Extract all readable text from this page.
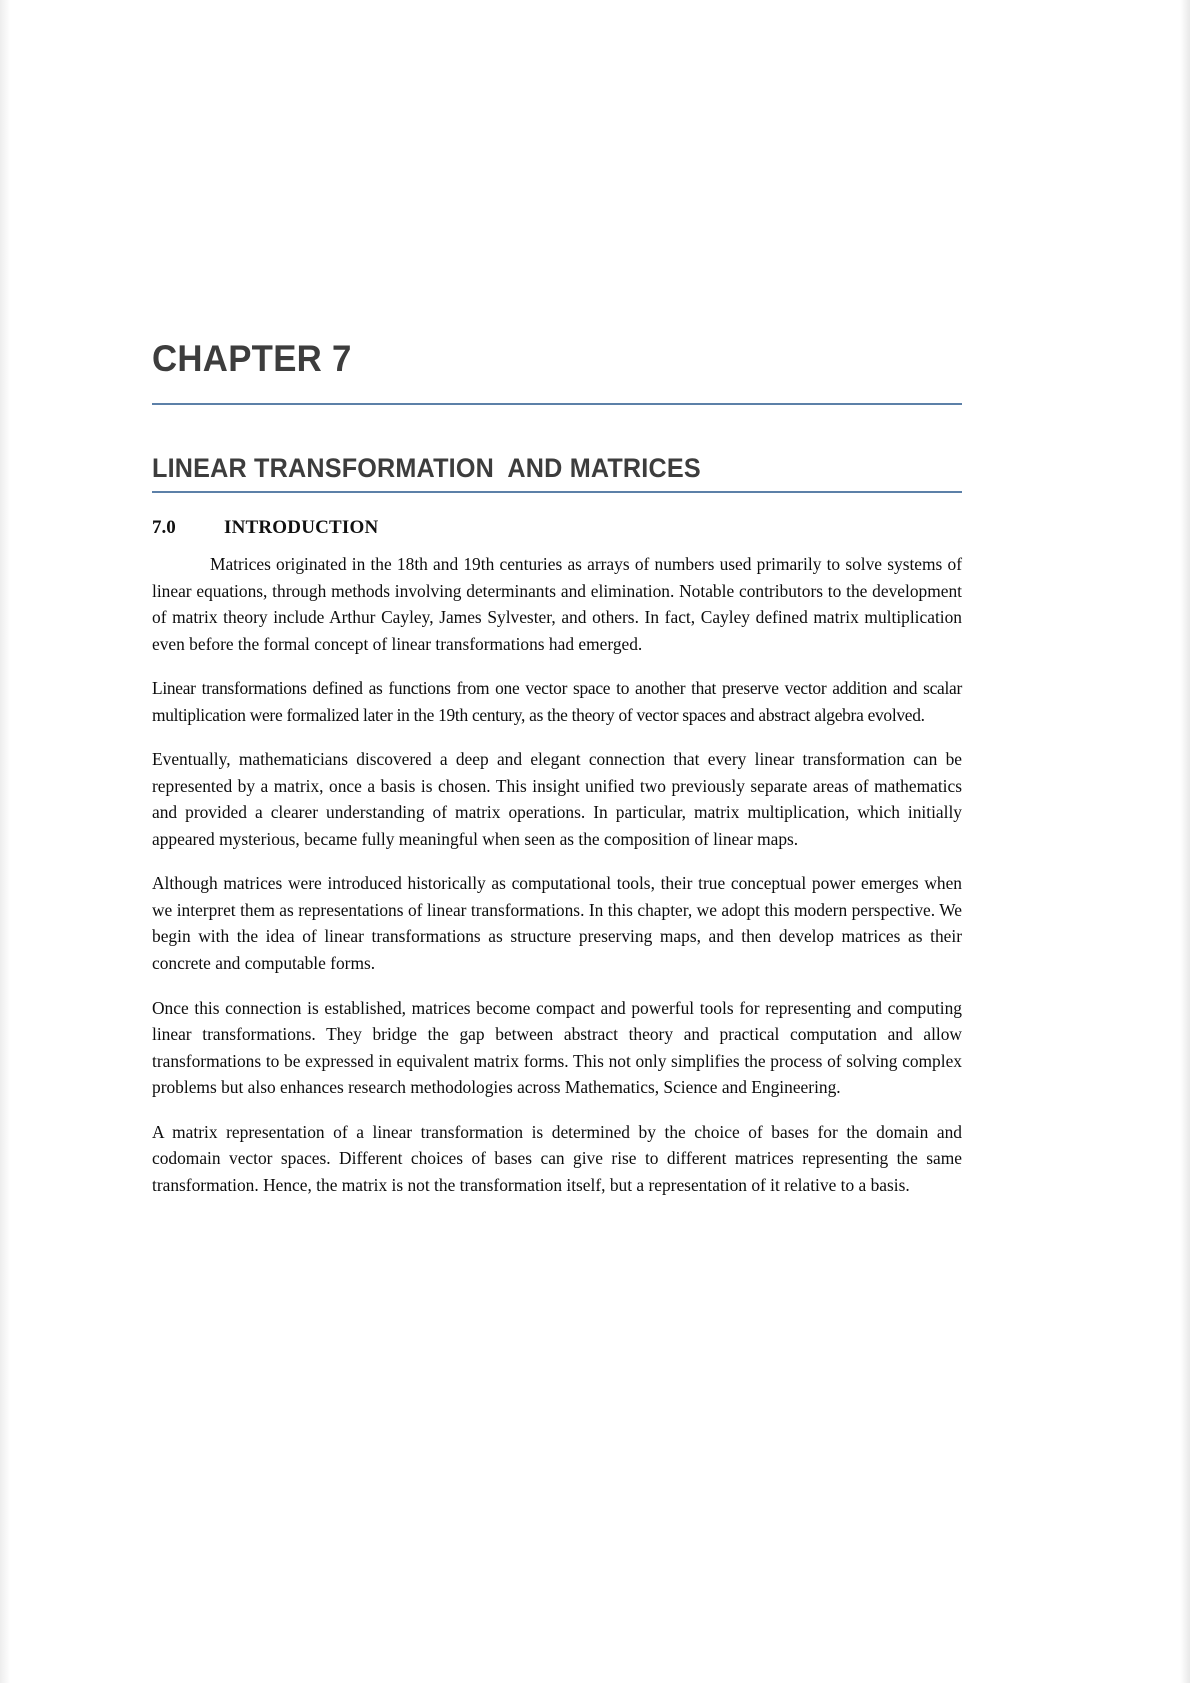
CHAPTER 7
LINEAR TRANSFORMATION  AND MATRICES
7.0	INTRODUCTION

Matrices originated in the 18th and 19th centuries as arrays of numbers used primarily to solve systems of linear equations, through methods involving determinants and elimination. Notable contributors to the development of matrix theory include Arthur Cayley, James Sylvester, and others. In fact, Cayley defined matrix multiplication even before the formal concept of linear transformations had emerged.

Linear transformations defined as functions from one vector space to another that preserve vector addition and scalar multiplication were formalized later in the 19th century, as the theory of vector spaces and abstract algebra evolved.

Eventually, mathematicians discovered a deep and elegant connection that every linear transformation can be represented by a matrix, once a basis is chosen. This insight unified two previously separate areas of mathematics and provided a clearer understanding of matrix operations. In particular, matrix multiplication, which initially appeared mysterious, became fully meaningful when seen as the composition of linear maps.

Although matrices were introduced historically as computational tools, their true conceptual power emerges when we interpret them as representations of linear transformations. In this chapter, we adopt this modern perspective. We begin with the idea of linear transformations as structure preserving maps, and then develop matrices as their concrete and computable forms.

Once this connection is established, matrices become compact and powerful tools for representing and computing linear transformations. They bridge the gap between abstract theory and practical computation and allow transformations to be expressed in equivalent matrix forms. This not only simplifies the process of solving complex problems but also enhances research methodologies across Mathematics, Science and Engineering.

A matrix representation of a linear transformation is determined by the choice of bases for the domain and codomain vector spaces. Different choices of bases can give rise to different matrices representing the same transformation. Hence, the matrix is not the transformation itself, but a representation of it relative to a basis.
